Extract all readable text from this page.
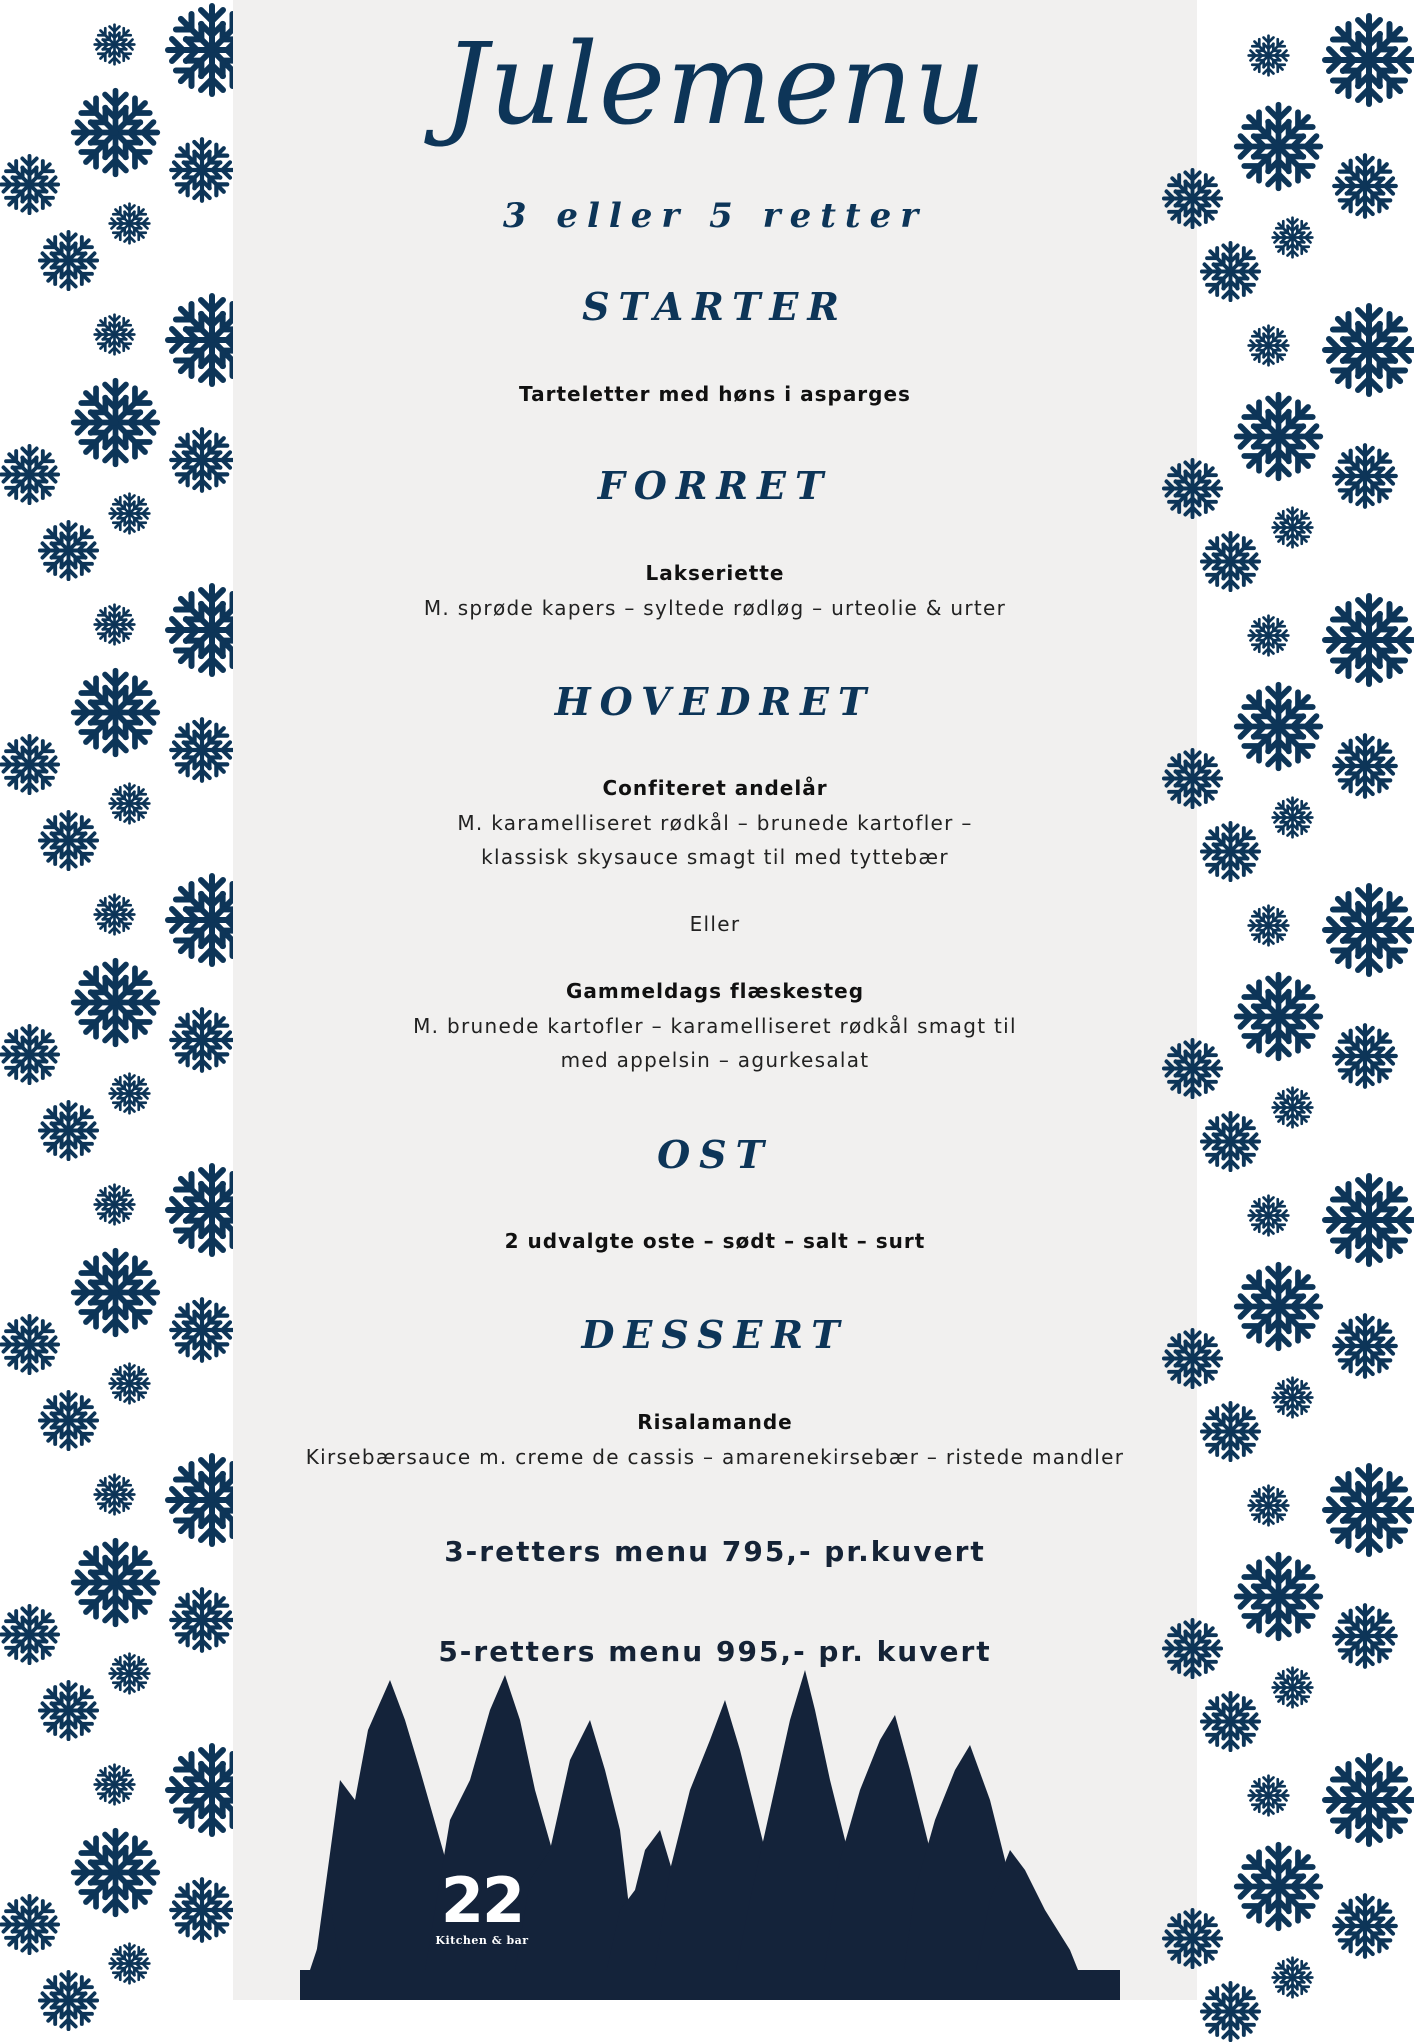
Julemenu
3 eller 5 retter
STARTER
Tarteletter med høns i asparges
FORRET
Lakseriette
M. sprøde kapers – syltede rødløg – urteolie & urter
HOVEDRET
Confiteret andelår
M. karamelliseret rødkål – brunede kartofler –
klassisk skysauce smagt til med tyttebær
Eller
Gammeldags flæskesteg
M. brunede kartofler – karamelliseret rødkål smagt til
med appelsin – agurkesalat
OST
2 udvalgte oste – sødt – salt – surt
DESSERT
Risalamande
Kirsebærsauce m. creme de cassis – amarenekirsebær – ristede mandler
3-retters menu 795,- pr.kuvert
5-retters menu 995,- pr. kuvert
22
Kitchen & bar
